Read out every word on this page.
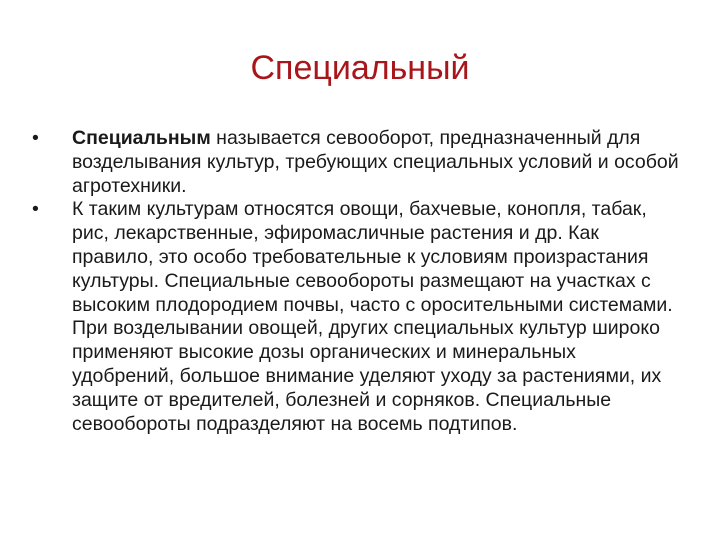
Специальный
• Специальным называется севооборот, предназначенный для возделывания культур, требующих специальных условий и особой агротехники.
• К таким культурам относятся овощи, бахчевые, конопля, табак, рис, лекарственные, эфиромасличные растения и др. Как правило, это особо требовательные к условиям произрастания культуры. Специальные севообороты размещают на участках с высоким плодородием почвы, часто с оросительными системами. При возделывании овощей, других специальных культур широко применяют высокие дозы органических и минеральных удобрений, большое внимание уделяют уходу за растениями, их защите от вредителей, болезней и сорняков. Специальные севообороты подразделяют на восемь подтипов.
